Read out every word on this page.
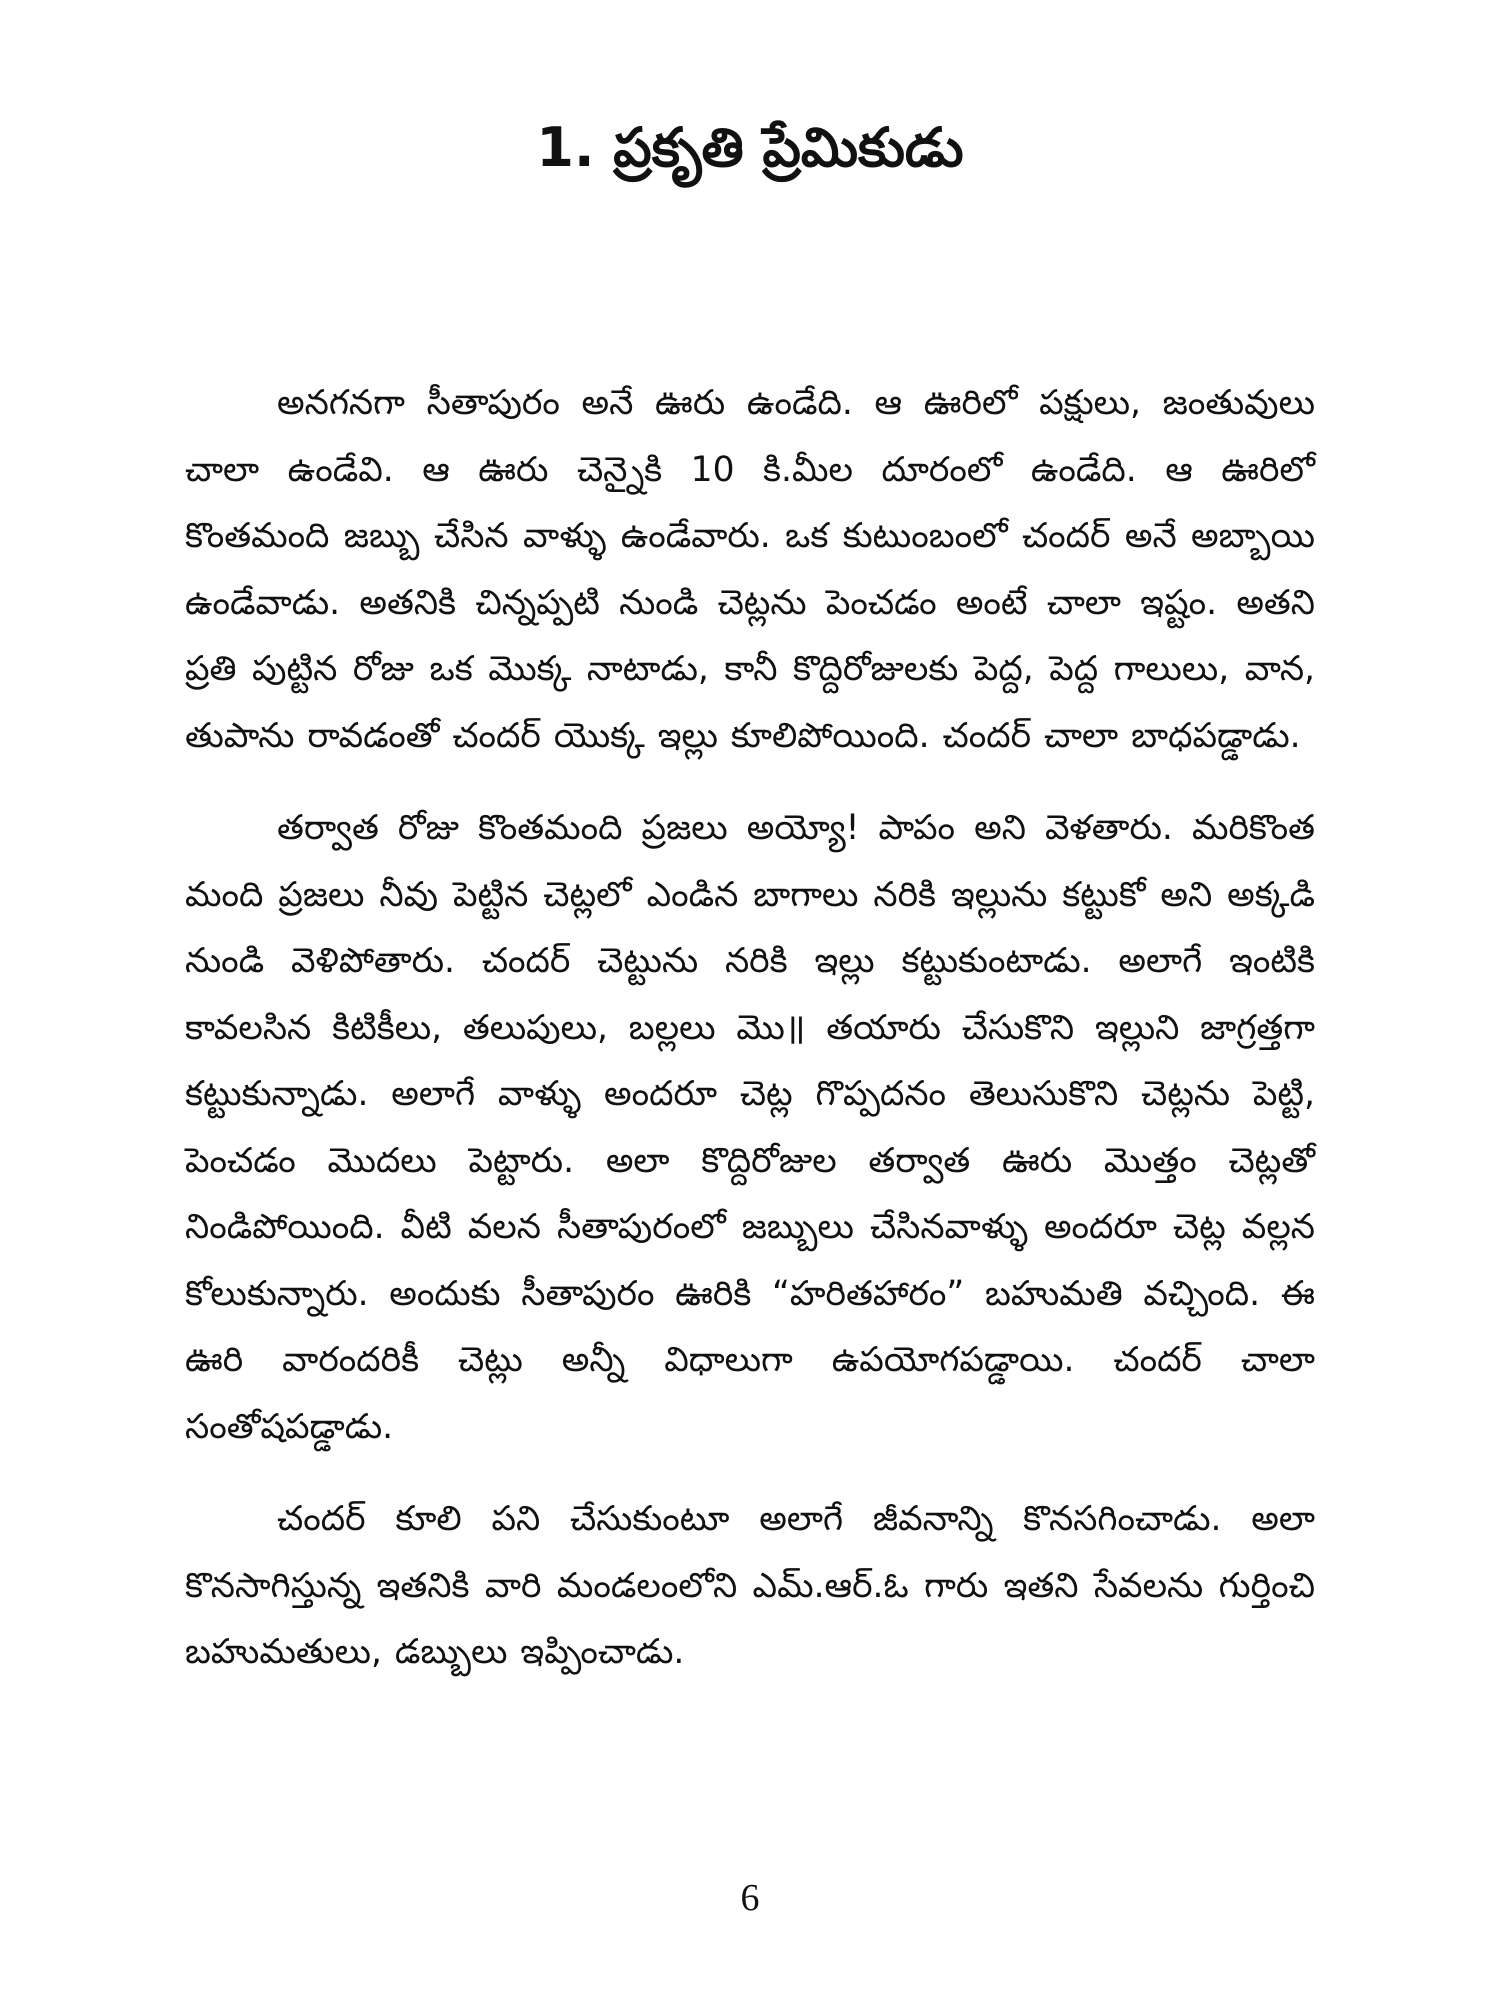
1. ప్రకృతి ప్రేమికుడు

అనగనగా సీతాపురం అనే ఊరు ఉండేది. ఆ ఊరిలో పక్షులు, జంతువులు చాలా ఉండేవి. ఆ ఊరు చెన్నైకి 10 కి.మీల దూరంలో ఉండేది. ఆ ఊరిలో కొంతమంది జబ్బు చేసిన వాళ్ళు ఉండేవారు. ఒక కుటుంబంలో చందర్ అనే అబ్బాయి ఉండేవాడు. అతనికి చిన్నప్పటి నుండి చెట్లను పెంచడం అంటే చాలా ఇష్టం. అతని ప్రతి పుట్టిన రోజు ఒక మొక్క నాటాడు, కానీ కొద్దిరోజులకు పెద్ద, పెద్ద గాలులు, వాన, తుపాను రావడంతో చందర్ యొక్క ఇల్లు కూలిపోయింది. చందర్ చాలా బాధపడ్డాడు.

తర్వాత రోజు కొంతమంది ప్రజలు అయ్యో! పాపం అని వెళతారు. మరికొంత మంది ప్రజలు నీవు పెట్టిన చెట్లలో ఎండిన బాగాలు నరికి ఇల్లును కట్టుకో అని అక్కడి నుండి వెళిపోతారు. చందర్ చెట్టును నరికి ఇల్లు కట్టుకుంటాడు. అలాగే ఇంటికి కావలసిన కిటికీలు, తలుపులు, బల్లలు మొ॥ తయారు చేసుకొని ఇల్లుని జాగ్రత్తగా కట్టుకున్నాడు. అలాగే వాళ్ళు అందరూ చెట్ల గొప్పదనం తెలుసుకొని చెట్లను పెట్టి, పెంచడం మొదలు పెట్టారు. అలా కొద్దిరోజుల తర్వాత ఊరు మొత్తం చెట్లతో నిండిపోయింది. వీటి వలన సీతాపురంలో జబ్బులు చేసినవాళ్ళు అందరూ చెట్ల వల్లన కోలుకున్నారు. అందుకు సీతాపురం ఊరికి “హరితహారం” బహుమతి వచ్చింది. ఈ ఊరి వారందరికీ చెట్లు అన్నీ విధాలుగా ఉపయోగపడ్డాయి. చందర్ చాలా సంతోషపడ్డాడు.

చందర్ కూలి పని చేసుకుంటూ అలాగే జీవనాన్ని కొనసగించాడు. అలా కొనసాగిస్తున్న ఇతనికి వారి మండలంలోని ఎమ్.ఆర్.ఓ గారు ఇతని సేవలను గుర్తించి బహుమతులు, డబ్బులు ఇప్పించాడు.

6
